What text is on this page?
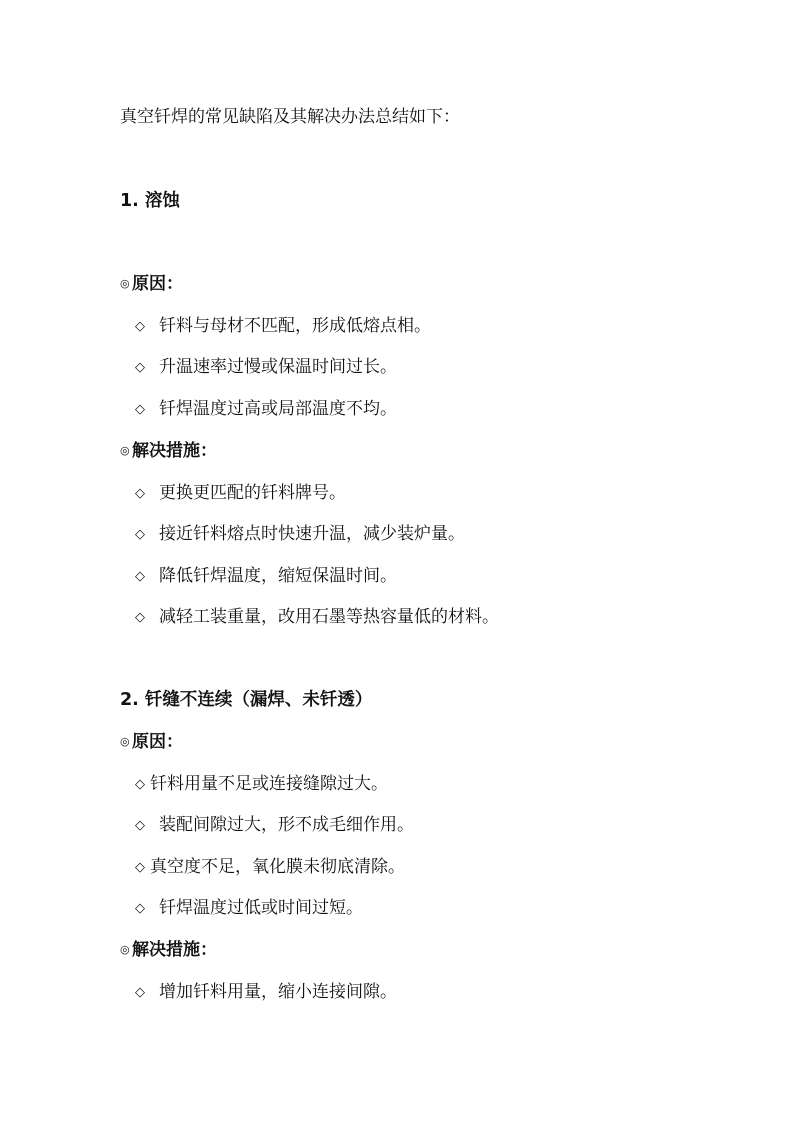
真空钎焊的常见缺陷及其解决办法总结如下：
1. 溶蚀
◎ 原因：
◇ 钎料与母材不匹配，形成低熔点相。
◇ 升温速率过慢或保温时间过长。
◇ 钎焊温度过高或局部温度不均。
◎ 解决措施：
◇ 更换更匹配的钎料牌号。
◇ 接近钎料熔点时快速升温，减少装炉量。
◇ 降低钎焊温度，缩短保温时间。
◇ 减轻工装重量，改用石墨等热容量低的材料。
2. 钎缝不连续（漏焊、未钎透）
◎ 原因：
◇ 钎料用量不足或连接缝隙过大。
◇ 装配间隙过大，形不成毛细作用。
◇ 真空度不足，氧化膜未彻底清除。
◇ 钎焊温度过低或时间过短。
◎ 解决措施：
◇ 增加钎料用量，缩小连接间隙。
